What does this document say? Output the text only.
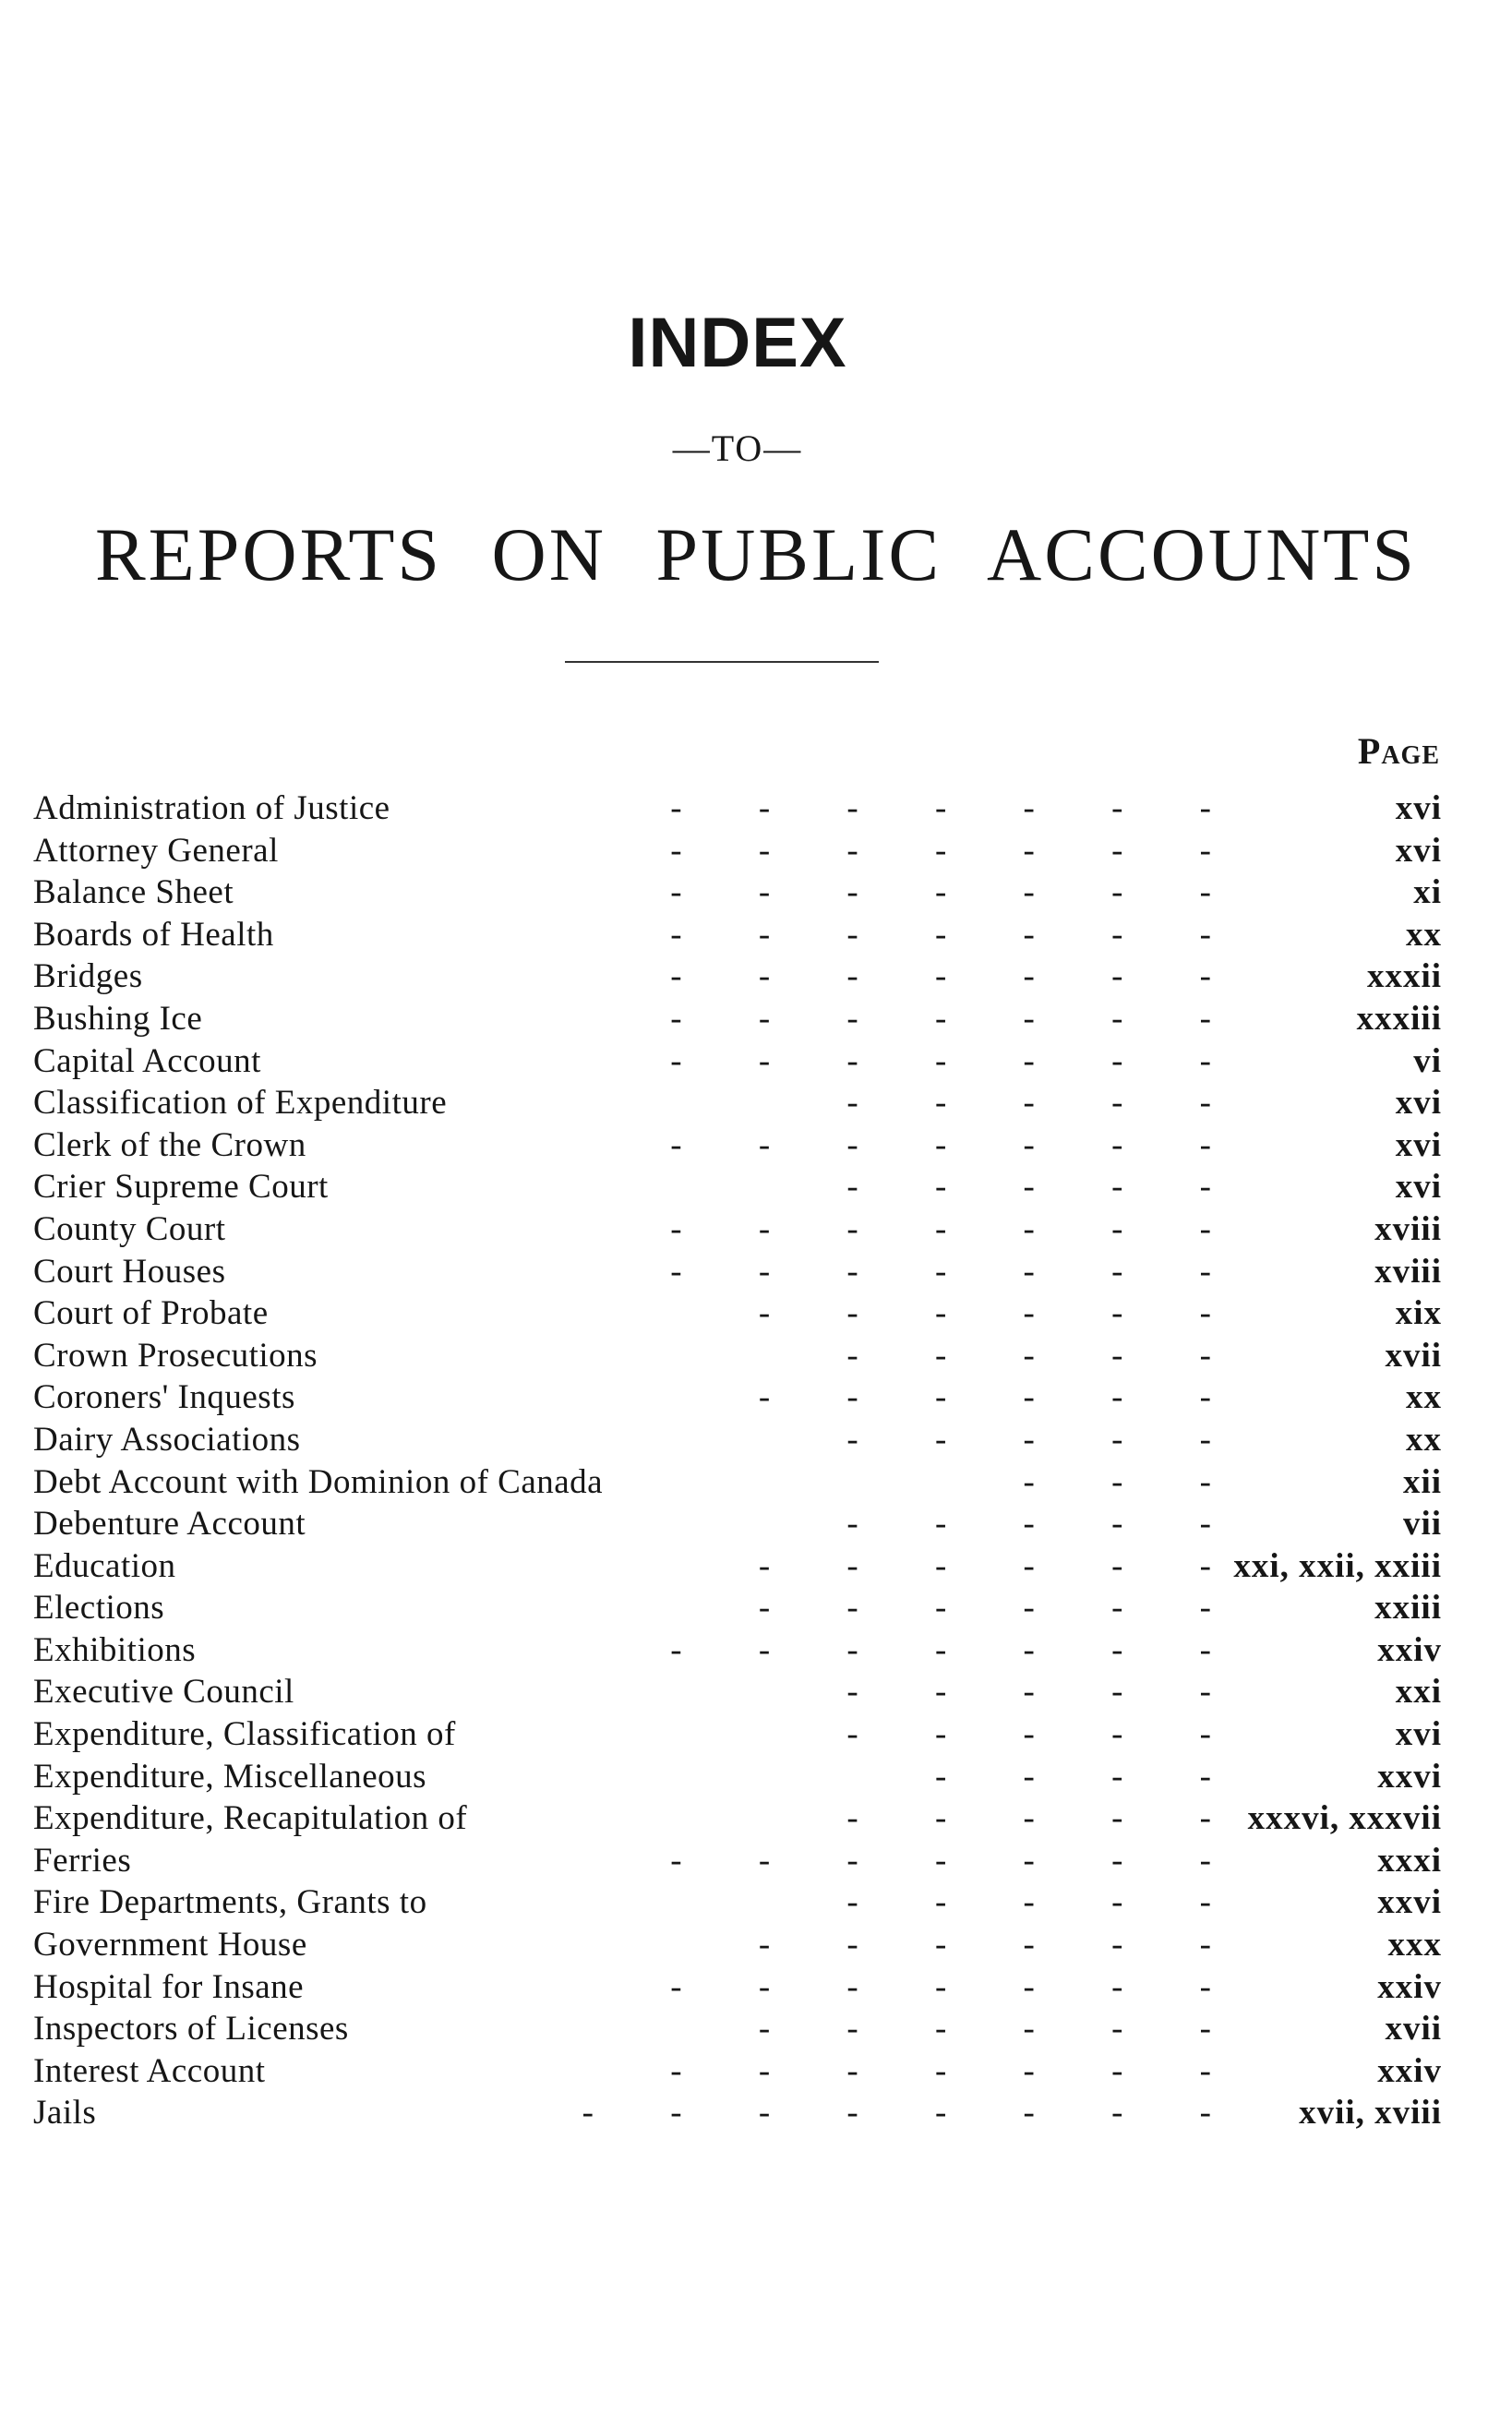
INDEX
—TO—
REPORTS ON PUBLIC ACCOUNTS
Page
Administration of Justice	-   -   -   -   -   -   -	xvi
Attorney General	-   -   -   -   -   -   -	xvi
Balance Sheet	-   -   -   -   -   -   -	xi
Boards of Health	-   -   -   -   -   -   -	xx
Bridges	-   -   -   -   -   -   -	xxxii
Bushing Ice	-   -   -   -   -   -   -	xxxiii
Capital Account	-   -   -   -   -   -   -	vi
Classification of Expenditure	-   -   -   -   -	xvi
Clerk of the Crown	-   -   -   -   -   -   -	xvi
Crier Supreme Court	-   -   -   -   -	xvi
County Court	-   -   -   -   -   -   -	xviii
Court Houses	-   -   -   -   -   -   -	xviii
Court of Probate	-   -   -   -   -   -	xix
Crown Prosecutions	-   -   -   -   -	xvii
Coroners' Inquests	-   -   -   -   -   -	xx
Dairy Associations	-   -   -   -   -	xx
Debt Account with Dominion of Canada	-   -   -	xii
Debenture Account	-   -   -   -   -	vii
Education	-   -   -   -   -   - xxi, xxii, xxiii
Elections	-   -   -   -   -   -	xxiii
Exhibitions	-   -   -   -   -   -   -	xxiv
Executive Council	-   -   -   -   -	xxi
Expenditure, Classification of	-   -   -   -   -	xvi
Expenditure, Miscellaneous	-   -   -   -	xxvi
Expenditure, Recapitulation of	-   -   -   -   - xxxvi, xxxvii
Ferries	-   -   -   -   -   -   -	xxxi
Fire Departments, Grants to	-   -   -   -   -	xxvi
Government House	-   -   -   -   -   -	xxx
Hospital for Insane	-   -   -   -   -   -   -	xxiv
Inspectors of Licenses	-   -   -   -   -   -	xvii
Interest Account	-   -   -   -   -   -   -	xxiv
Jails	-   -   -   -   -   -   -   -	xvii, xviii
